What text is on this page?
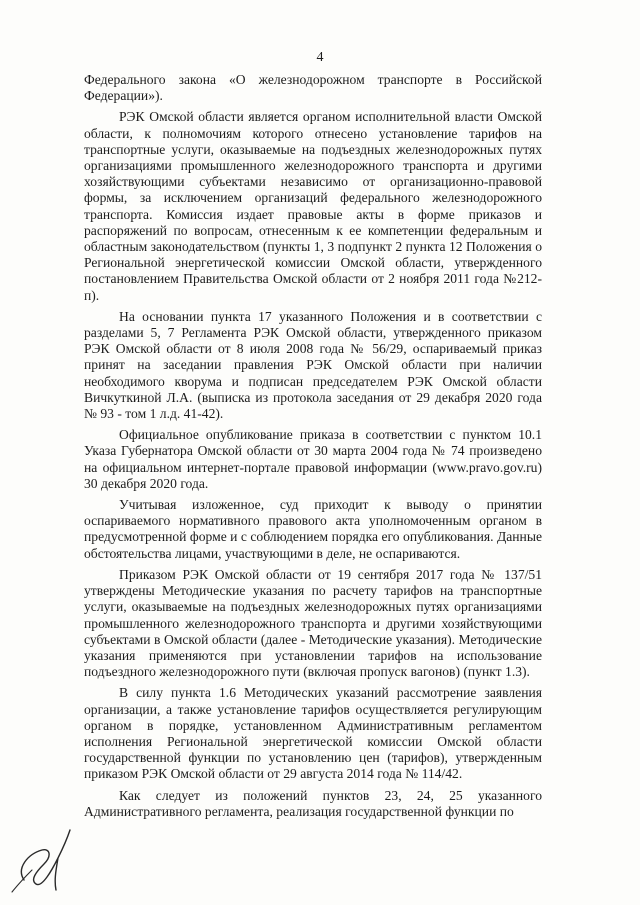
4

Федерального закона «О железнодорожном транспорте в Российской Федерации»).

РЭК Омской области является органом исполнительной власти Омской области, к полномочиям которого отнесено установление тарифов на транспортные услуги, оказываемые на подъездных железнодорожных путях организациями промышленного железнодорожного транспорта и другими хозяйствующими субъектами независимо от организационно-правовой формы, за исключением организаций федерального железнодорожного транспорта. Комиссия издает правовые акты в форме приказов и распоряжений по вопросам, отнесенным к ее компетенции федеральным и областным законодательством (пункты 1, 3 подпункт 2 пункта 12 Положения о Региональной энергетической комиссии Омской области, утвержденного постановлением Правительства Омской области от 2 ноября 2011 года №212-п).

На основании пункта 17 указанного Положения и в соответствии с разделами 5, 7 Регламента РЭК Омской области, утвержденного приказом РЭК Омской области от 8 июля 2008 года № 56/29, оспариваемый приказ принят на заседании правления РЭК Омской области при наличии необходимого кворума и подписан председателем РЭК Омской области Вичкуткиной Л.А. (выписка из протокола заседания от 29 декабря 2020 года № 93 - том 1 л.д. 41-42).

Официальное опубликование приказа в соответствии с пунктом 10.1 Указа Губернатора Омской области от 30 марта 2004 года № 74 произведено на официальном интернет-портале правовой информации (www.pravo.gov.ru) 30 декабря 2020 года.

Учитывая изложенное, суд приходит к выводу о принятии оспариваемого нормативного правового акта уполномоченным органом в предусмотренной форме и с соблюдением порядка его опубликования. Данные обстоятельства лицами, участвующими в деле, не оспариваются.

Приказом РЭК Омской области от 19 сентября 2017 года № 137/51 утверждены Методические указания по расчету тарифов на транспортные услуги, оказываемые на подъездных железнодорожных путях организациями промышленного железнодорожного транспорта и другими хозяйствующими субъектами в Омской области (далее - Методические указания). Методические указания применяются при установлении тарифов на использование подъездного железнодорожного пути (включая пропуск вагонов) (пункт 1.3).

В силу пункта 1.6 Методических указаний рассмотрение заявления организации, а также установление тарифов осуществляется регулирующим органом в порядке, установленном Административным регламентом исполнения Региональной энергетической комиссии Омской области государственной функции по установлению цен (тарифов), утвержденным приказом РЭК Омской области от 29 августа 2014 года № 114/42.

Как следует из положений пунктов 23, 24, 25 указанного Административного регламента, реализация государственной функции по
